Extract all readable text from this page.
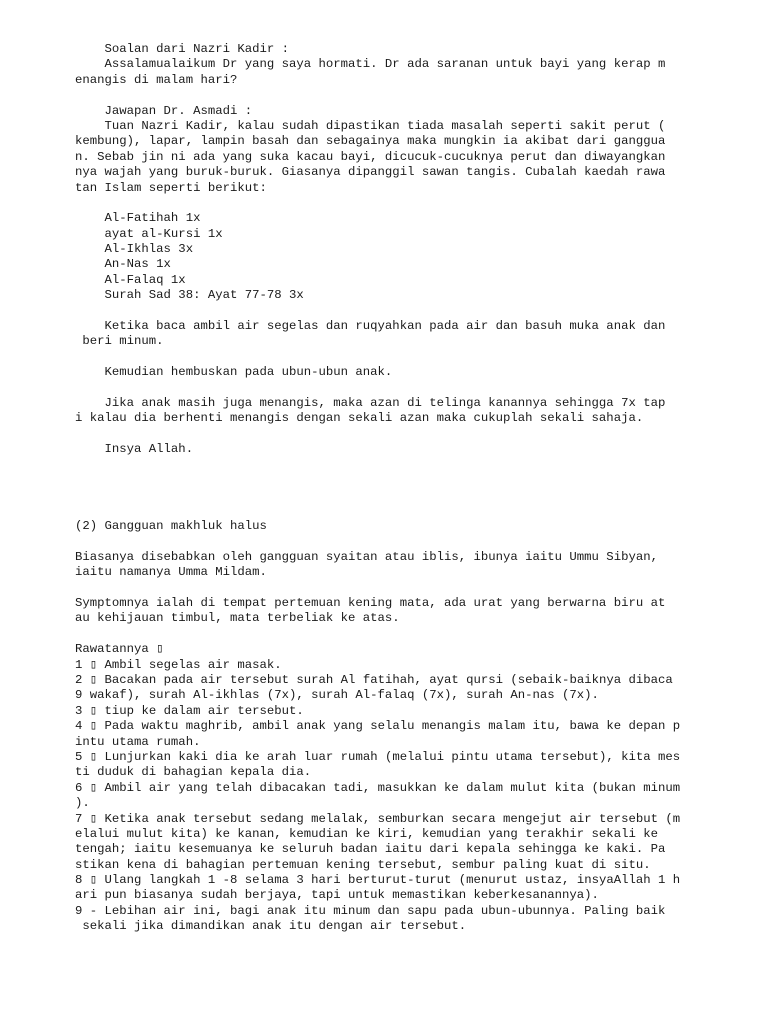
Soalan dari Nazri Kadir :
Assalamualaikum Dr yang saya hormati. Dr ada saranan untuk bayi yang kerap m
enangis di malam hari?
Jawapan Dr. Asmadi :
Tuan Nazri Kadir, kalau sudah dipastikan tiada masalah seperti sakit perut (
kembung), lapar, lampin basah dan sebagainya maka mungkin ia akibat dari ganggua
n. Sebab jin ni ada yang suka kacau bayi, dicucuk-cucuknya perut dan diwayangkan
nya wajah yang buruk-buruk. Giasanya dipanggil sawan tangis. Cubalah kaedah rawa
tan Islam seperti berikut:
Al-Fatihah 1x
ayat al-Kursi 1x
Al-Ikhlas 3x
An-Nas 1x
Al-Falaq 1x
Surah Sad 38: Ayat 77-78 3x
Ketika baca ambil air segelas dan ruqyahkan pada air dan basuh muka anak dan
beri minum.
Kemudian hembuskan pada ubun-ubun anak.
Jika anak masih juga menangis, maka azan di telinga kanannya sehingga 7x tap
i kalau dia berhenti menangis dengan sekali azan maka cukuplah sekali sahaja.
Insya Allah.
(2) Gangguan makhluk halus
Biasanya disebabkan oleh gangguan syaitan atau iblis, ibunya iaitu Ummu Sibyan,
iaitu namanya Umma Mildam.
Symptomnya ialah di tempat pertemuan kening mata, ada urat yang berwarna biru at
au kehijauan timbul, mata terbeliak ke atas.
Rawatannya ▯
1 ▯ Ambil segelas air masak.
2 ▯ Bacakan pada air tersebut surah Al fatihah, ayat qursi (sebaik-baiknya dibaca
9 wakaf), surah Al-ikhlas (7x), surah Al-falaq (7x), surah An-nas (7x).
3 ▯ tiup ke dalam air tersebut.
4 ▯ Pada waktu maghrib, ambil anak yang selalu menangis malam itu, bawa ke depan p
intu utama rumah.
5 ▯ Lunjurkan kaki dia ke arah luar rumah (melalui pintu utama tersebut), kita mes
ti duduk di bahagian kepala dia.
6 ▯ Ambil air yang telah dibacakan tadi, masukkan ke dalam mulut kita (bukan minum
).
7 ▯ Ketika anak tersebut sedang melalak, semburkan secara mengejut air tersebut (m
elalui mulut kita) ke kanan, kemudian ke kiri, kemudian yang terakhir sekali ke
tengah; iaitu kesemuanya ke seluruh badan iaitu dari kepala sehingga ke kaki. Pa
stikan kena di bahagian pertemuan kening tersebut, sembur paling kuat di situ.
8 ▯ Ulang langkah 1 -8 selama 3 hari berturut-turut (menurut ustaz, insyaAllah 1 h
ari pun biasanya sudah berjaya, tapi untuk memastikan keberkesanannya).
9 - Lebihan air ini, bagi anak itu minum dan sapu pada ubun-ubunnya. Paling baik
sekali jika dimandikan anak itu dengan air tersebut.
